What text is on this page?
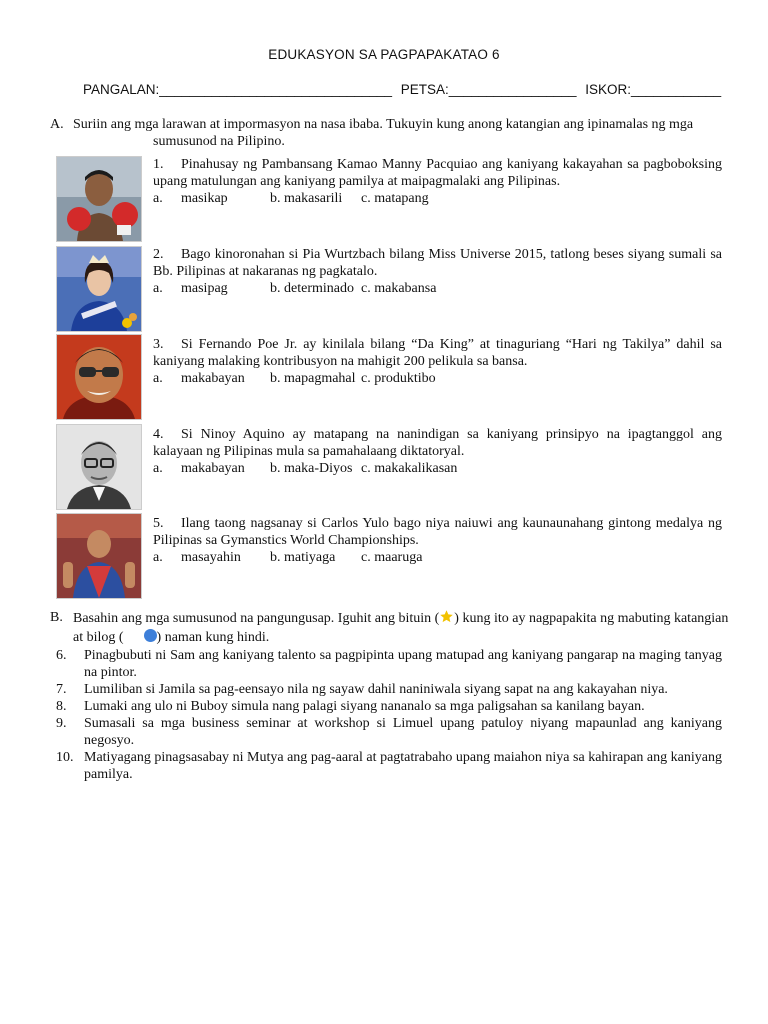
EDUKASYON SA PAGPAPAKATAO 6
PANGALAN:_______________________________ PETSA:_________________ ISKOR:____________
A. Suriin ang mga larawan at impormasyon na nasa ibaba. Tukuyin kung anong katangian ang ipinamalas ng mga
sumusunod na Pilipino.
1. Pinahusay ng Pambansang Kamao Manny Pacquiao ang kaniyang kakayahan sa pagboboksing upang matulungan ang kaniyang pamilya at maipagmalaki ang Pilipinas.
a. masikap	b. makasarili c. matapang
2. Bago kinoronahan si Pia Wurtzbach bilang Miss Universe 2015, tatlong beses siyang sumali sa Bb. Pilipinas at nakaranas ng pagkatalo.
a. masipag	b. determinado c. makabansa
3. Si Fernando Poe Jr. ay kinilala bilang “Da King” at tinaguriang “Hari ng Takilya” dahil sa kaniyang malaking kontribusyon na mahigit 200 pelikula sa bansa.
a. makabayan b. mapagmahal c. produktibo
4. Si Ninoy Aquino ay matapang na nanindigan sa kaniyang prinsipyo na ipagtanggol ang kalayaan ng Pilipinas mula sa pamahalaang diktatoryal.
a. makabayan b. maka-Diyos c. makakalikasan
5. Ilang taong nagsanay si Carlos Yulo bago niya naiuwi ang kaunaunahang gintong medalya ng Pilipinas sa Gymanstics World Championships.
a. masayahin b. matiyaga c. maaruga
B. Basahin ang mga sumusunod na pangungusap. Iguhit ang bituin ( ) kung ito ay nagpapakita ng mabuting katangian
at bilog ( ) naman kung hindi.
6.	Pinagbubuti ni Sam ang kaniyang talento sa pagpipinta upang matupad ang kaniyang pangarap na maging tanyag na pintor.
7.	Lumiliban si Jamila sa pag-eensayo nila ng sayaw dahil naniniwala siyang sapat na ang kakayahan niya.
8.	Lumaki ang ulo ni Buboy simula nang palagi siyang nananalo sa mga paligsahan sa kanilang bayan.
9.	Sumasali sa mga business seminar at workshop si Limuel upang patuloy niyang mapaunlad ang kaniyang negosyo.
10. Matiyagang pinagsasabay ni Mutya ang pag-aaral at pagtatrabaho upang maiahon niya sa kahirapan ang kaniyang pamilya.
